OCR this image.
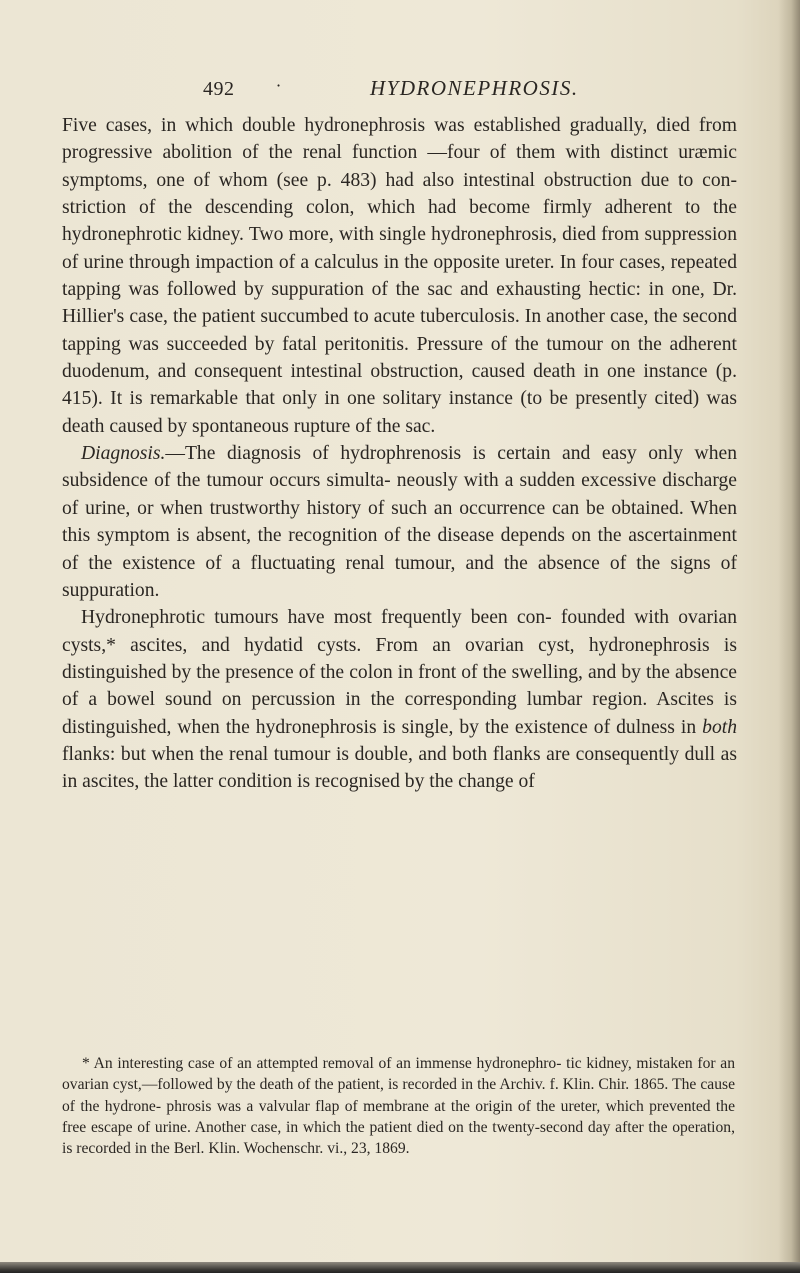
492	·	HYDRONEPHROSIS.

Five cases, in which double hydronephrosis was established gradually, died from progressive abolition of the renal function —four of them with distinct uræmic symptoms, one of whom (see p. 483) had also intestinal obstruction due to con- striction of the descending colon, which had become firmly adherent to the hydronephrotic kidney. Two more, with single hydronephrosis, died from suppression of urine through impaction of a calculus in the opposite ureter. In four cases, repeated tapping was followed by suppuration of the sac and exhausting hectic: in one, Dr. Hillier's case, the patient succumbed to acute tuberculosis. In another case, the second tapping was succeeded by fatal peritonitis. Pressure of the tumour on the adherent duodenum, and consequent intestinal obstruction, caused death in one instance (p. 415). It is remarkable that only in one solitary instance (to be presently cited) was death caused by spontaneous rupture of the sac.

Diagnosis.—The diagnosis of hydrophrenosis is certain and easy only when subsidence of the tumour occurs simulta- neously with a sudden excessive discharge of urine, or when trustworthy history of such an occurrence can be obtained. When this symptom is absent, the recognition of the disease depends on the ascertainment of the existence of a fluctuating renal tumour, and the absence of the signs of suppuration.

Hydronephrotic tumours have most frequently been con- founded with ovarian cysts,* ascites, and hydatid cysts. From an ovarian cyst, hydronephrosis is distinguished by the presence of the colon in front of the swelling, and by the absence of a bowel sound on percussion in the corresponding lumbar region. Ascites is distinguished, when the hydronephrosis is single, by the existence of dulness in both flanks: but when the renal tumour is double, and both flanks are consequently dull as in ascites, the latter condition is recognised by the change of

* An interesting case of an attempted removal of an immense hydronephro- tic kidney, mistaken for an ovarian cyst,—followed by the death of the patient, is recorded in the Archiv. f. Klin. Chir. 1865. The cause of the hydrone- phrosis was a valvular flap of membrane at the origin of the ureter, which prevented the free escape of urine. Another case, in which the patient died on the twenty-second day after the operation, is recorded in the Berl. Klin. Wochenschr. vi., 23, 1869.
